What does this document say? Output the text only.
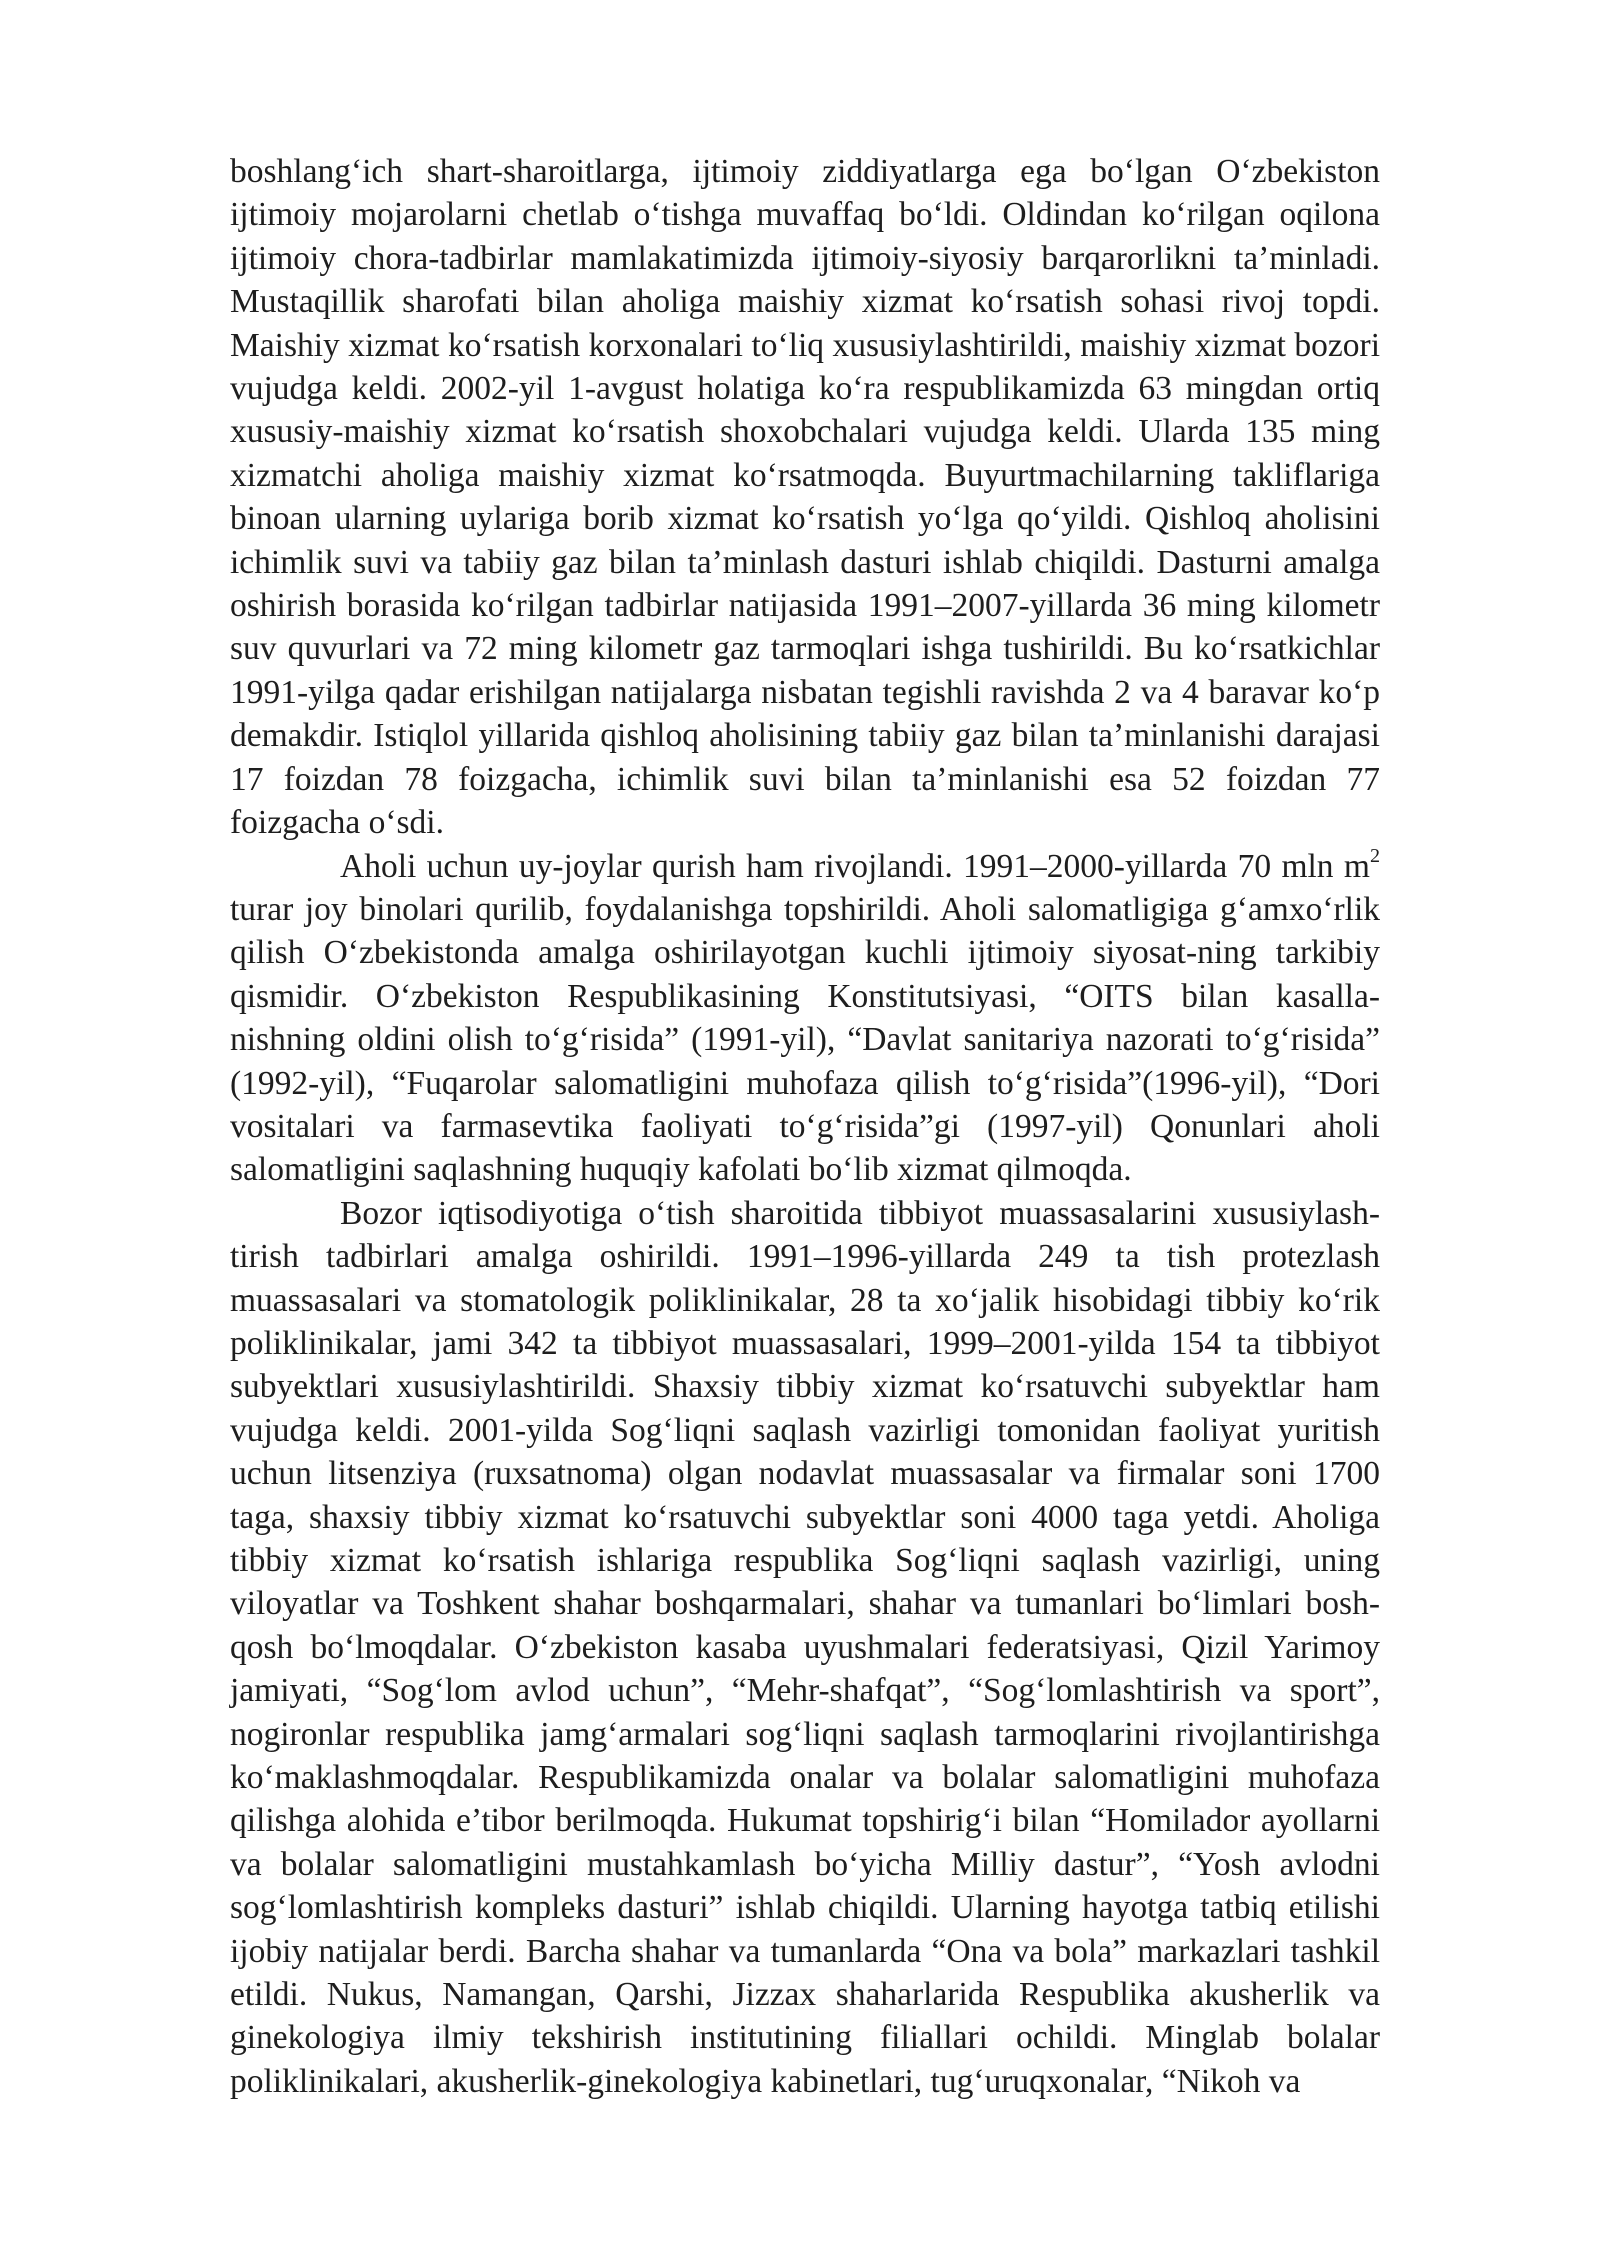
boshlang‘ich shart-sharoitlarga, ijtimoiy ziddiyatlarga ega bo‘lgan O‘zbekiston ijtimoiy mojarolarni chetlab o‘tishga muvaffaq bo‘ldi. Oldindan ko‘rilgan oqilona ijtimoiy chora-tadbirlar mamlakatimizda ijtimoiy-siyosiy barqarorlikni ta’minladi. Mustaqillik sharofati bilan aholiga maishiy xizmat ko‘rsatish sohasi rivoj topdi. Maishiy xizmat ko‘rsatish korxonalari to‘liq xususiylashtirildi, maishiy xizmat bozori vujudga keldi. 2002-yil 1-avgust holatiga ko‘ra respublikamizda 63 mingdan ortiq xususiy-maishiy xizmat ko‘rsatish shoxobchalari vujudga keldi. Ularda 135 ming xizmatchi aholiga maishiy xizmat ko‘rsatmoqda. Buyurtmachilarning takliflariga binoan ularning uylariga borib xizmat ko‘rsatish yo‘lga qo‘yildi. Qishloq aholisini ichimlik suvi va tabiiy gaz bilan ta’minlash dasturi ishlab chiqildi. Dasturni amalga oshirish borasida ko‘rilgan tadbirlar natijasida 1991–2007-yillarda 36 ming kilometr suv quvurlari va 72 ming kilometr gaz tarmoqlari ishga tushirildi. Bu ko‘rsatkichlar 1991-yilga qadar erishilgan natijalarga nisbatan tegishli ravishda 2 va 4 baravar ko‘p demakdir. Istiqlol yillarida qishloq aholisining tabiiy gaz bilan ta’minlanishi darajasi 17 foizdan 78 foizgacha, ichimlik suvi bilan ta’minlanishi esa 52 foizdan 77 foizgacha o‘sdi.

Aholi uchun uy-joylar qurish ham rivojlandi. 1991–2000-yillarda 70 mln $m^2$ turar joy binolari qurilib, foydalanishga topshirildi. Aholi salomatligiga g‘amxo‘rlik qilish O‘zbekistonda amalga oshirilayotgan kuchli ijtimoiy siyosat-ning tarkibiy qismidir. O‘zbekiston Respublikasining Konstitutsiyasi, “OITS bilan kasalla-nishning oldini olish to‘g‘risida” (1991-yil), “Davlat sanitariya nazorati to‘g‘risida” (1992-yil), “Fuqarolar salomatligini muhofaza qilish to‘g‘risida”(1996-yil), “Dori vositalari va farmasevtika faoliyati to‘g‘risida”gi (1997-yil) Qonunlari aholi salomatligini saqlashning huquqiy kafolati bo‘lib xizmat qilmoqda.

Bozor iqtisodiyotiga o‘tish sharoitida tibbiyot muassasalarini xususiylash-tirish tadbirlari amalga oshirildi. 1991–1996-yillarda 249 ta tish protezlash muassasalari va stomatologik poliklinikalar, 28 ta xo‘jalik hisobidagi tibbiy ko‘rik poliklinikalar, jami 342 ta tibbiyot muassasalari, 1999–2001-yilda 154 ta tibbiyot subyektlari xususiylashtirildi. Shaxsiy tibbiy xizmat ko‘rsatuvchi subyektlar ham vujudga keldi. 2001-yilda Sog‘liqni saqlash vazirligi tomonidan faoliyat yuritish uchun litsenziya (ruxsatnoma) olgan nodavlat muassasalar va firmalar soni 1700 taga, shaxsiy tibbiy xizmat ko‘rsatuvchi subyektlar soni 4000 taga yetdi. Aholiga tibbiy xizmat ko‘rsatish ishlariga respublika Sog‘liqni saqlash vazirligi, uning viloyatlar va Toshkent shahar boshqarmalari, shahar va tumanlari bo‘limlari bosh-qosh bo‘lmoqdalar. O‘zbekiston kasaba uyushmalari federatsiyasi, Qizil Yarimoy jamiyati, “Sog‘lom avlod uchun”, “Mehr-shafqat”, “Sog‘lomlashtirish va sport”, nogironlar respublika jamg‘armalari sog‘liqni saqlash tarmoqlarini rivojlantirishga ko‘maklashmoqdalar. Respublikamizda onalar va bolalar salomatligini muhofaza qilishga alohida e’tibor berilmoqda. Hukumat topshirig‘i bilan “Homilador ayollarni va bolalar salomatligini mustahkamlash bo‘yicha Milliy dastur”, “Yosh avlodni sog‘lomlashtirish kompleks dasturi” ishlab chiqildi. Ularning hayotga tatbiq etilishi ijobiy natijalar berdi. Barcha shahar va tumanlarda “Ona va bola” markazlari tashkil etildi. Nukus, Namangan, Qarshi, Jizzax shaharlarida Respublika akusherlik va ginekologiya ilmiy tekshirish institutining filiallari ochildi. Minglab bolalar poliklinikalari, akusherlik-ginekologiya kabinetlari, tug‘uruqxonalar, “Nikoh va
